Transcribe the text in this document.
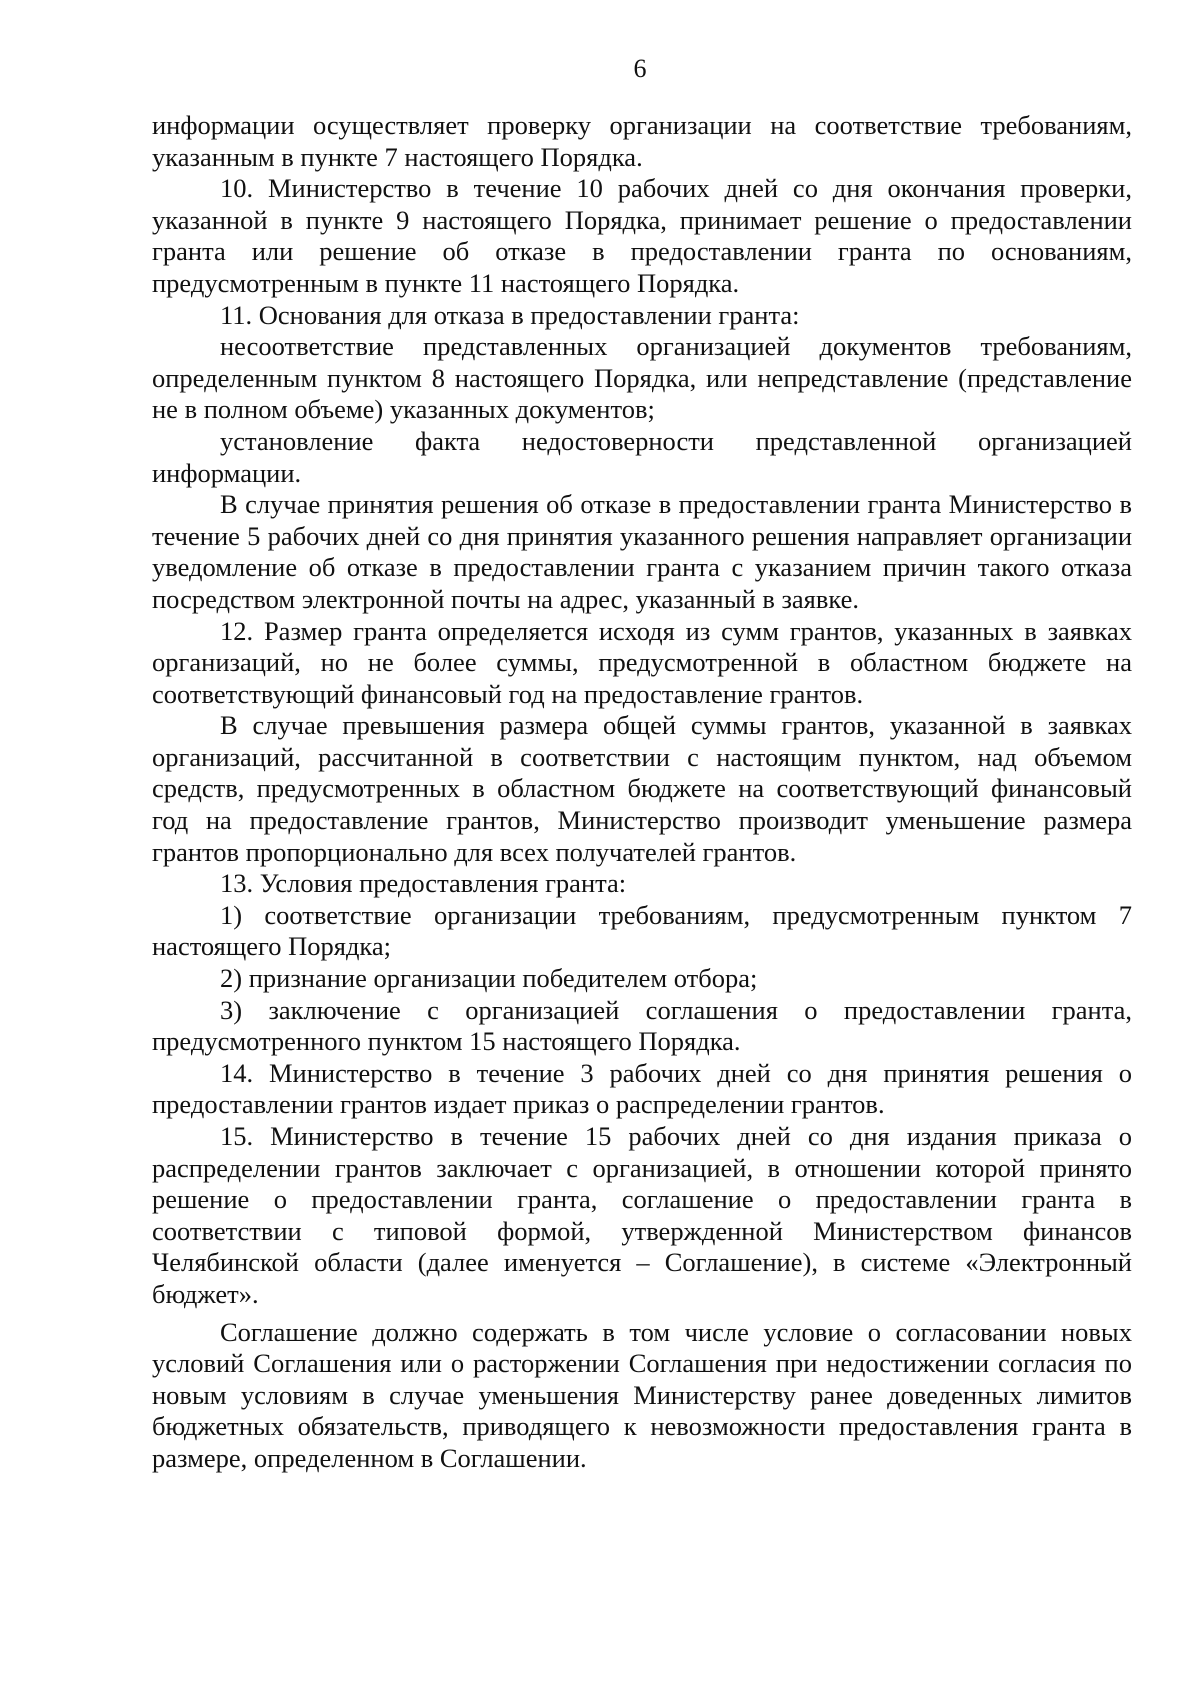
6

информации осуществляет проверку организации на соответствие требованиям, указанным в пункте 7 настоящего Порядка.

10. Министерство в течение 10 рабочих дней со дня окончания проверки, указанной в пункте 9 настоящего Порядка, принимает решение о предоставлении гранта или решение об отказе в предоставлении гранта по основаниям, предусмотренным в пункте 11 настоящего Порядка.

11. Основания для отказа в предоставлении гранта:

несоответствие представленных организацией документов требованиям, определенным пунктом 8 настоящего Порядка, или непредставление (представление не в полном объеме) указанных документов;

установление факта недостоверности представленной организацией информации.

В случае принятия решения об отказе в предоставлении гранта Министерство в течение 5 рабочих дней со дня принятия указанного решения направляет организации уведомление об отказе в предоставлении гранта с указанием причин такого отказа посредством электронной почты на адрес, указанный в заявке.

12. Размер гранта определяется исходя из сумм грантов, указанных в заявках организаций, но не более суммы, предусмотренной в областном бюджете на соответствующий финансовый год на предоставление грантов.

В случае превышения размера общей суммы грантов, указанной в заявках организаций, рассчитанной в соответствии с настоящим пунктом, над объемом средств, предусмотренных в областном бюджете на соответствующий финансовый год на предоставление грантов, Министерство производит уменьшение размера грантов пропорционально для всех получателей грантов.

13. Условия предоставления гранта:

1) соответствие организации требованиям, предусмотренным пунктом 7 настоящего Порядка;

2) признание организации победителем отбора;

3) заключение с организацией соглашения о предоставлении гранта, предусмотренного пунктом 15 настоящего Порядка.

14. Министерство в течение 3 рабочих дней со дня принятия решения о предоставлении грантов издает приказ о распределении грантов.

15. Министерство в течение 15 рабочих дней со дня издания приказа о распределении грантов заключает с организацией, в отношении которой принято решение о предоставлении гранта, соглашение о предоставлении гранта в соответствии с типовой формой, утвержденной Министерством финансов Челябинской области (далее именуется – Соглашение), в системе «Электронный бюджет».

Соглашение должно содержать в том числе условие о согласовании новых условий Соглашения или о расторжении Соглашения при недостижении согласия по новым условиям в случае уменьшения Министерству ранее доведенных лимитов бюджетных обязательств, приводящего к невозможности предоставления гранта в размере, определенном в Соглашении.
